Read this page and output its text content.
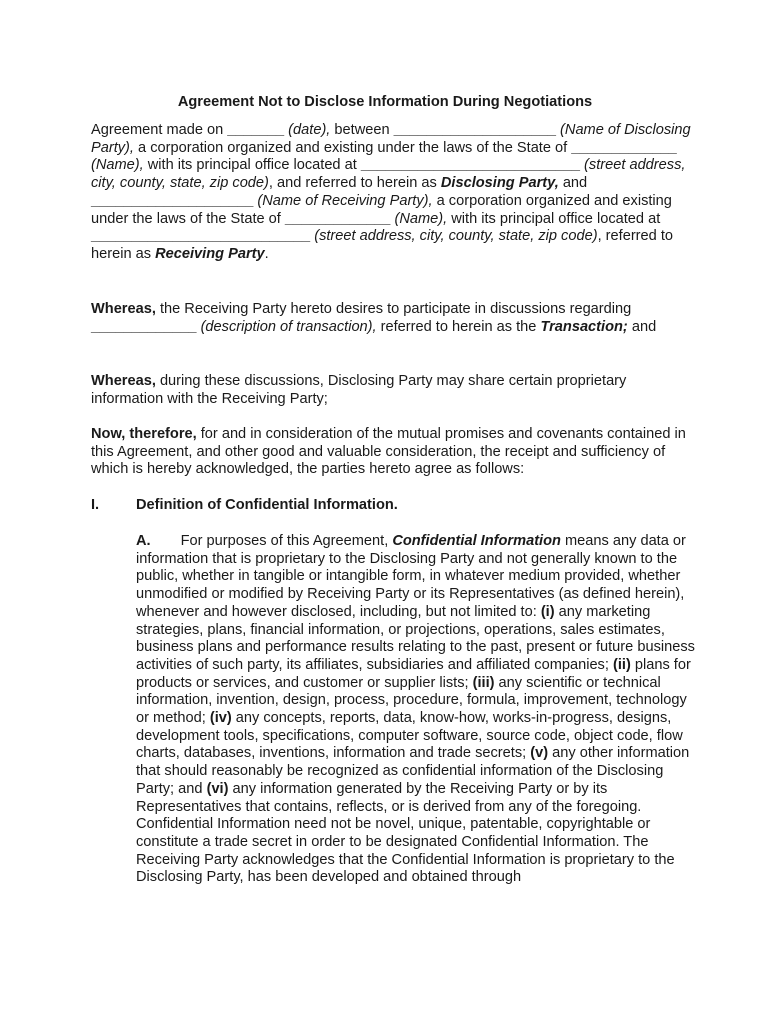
Agreement Not to Disclose Information During Negotiations
Agreement made on _______ (date), between ____________________ (Name of Disclosing Party), a corporation organized and existing under the laws of the State of _____________ (Name), with its principal office located at ___________________________ (street address, city, county, state, zip code), and referred to herein as Disclosing Party, and ____________________ (Name of Receiving Party), a corporation organized and existing under the laws of the State of _____________ (Name), with its principal office located at ___________________________ (street address, city, county, state, zip code), referred to herein as Receiving Party.
Whereas, the Receiving Party hereto desires to participate in discussions regarding _____________ (description of transaction), referred to herein as the Transaction; and
Whereas, during these discussions, Disclosing Party may share certain proprietary information with the Receiving Party;
Now, therefore, for and in consideration of the mutual promises and covenants contained in this Agreement, and other good and valuable consideration, the receipt and sufficiency of which is hereby acknowledged, the parties hereto agree as follows:
I.	Definition of Confidential Information.
A. For purposes of this Agreement, Confidential Information means any data or information that is proprietary to the Disclosing Party and not generally known to the public, whether in tangible or intangible form, in whatever medium provided, whether unmodified or modified by Receiving Party or its Representatives (as defined herein), whenever and however disclosed, including, but not limited to: (i) any marketing strategies, plans, financial information, or projections, operations, sales estimates, business plans and performance results relating to the past, present or future business activities of such party, its affiliates, subsidiaries and affiliated companies; (ii) plans for products or services, and customer or supplier lists; (iii) any scientific or technical information, invention, design, process, procedure, formula, improvement, technology or method; (iv) any concepts, reports, data, know-how, works-in-progress, designs, development tools, specifications, computer software, source code, object code, flow charts, databases, inventions, information and trade secrets; (v) any other information that should reasonably be recognized as confidential information of the Disclosing Party; and (vi) any information generated by the Receiving Party or by its Representatives that contains, reflects, or is derived from any of the foregoing. Confidential Information need not be novel, unique, patentable, copyrightable or constitute a trade secret in order to be designated Confidential Information. The Receiving Party acknowledges that the Confidential Information is proprietary to the Disclosing Party, has been developed and obtained through
